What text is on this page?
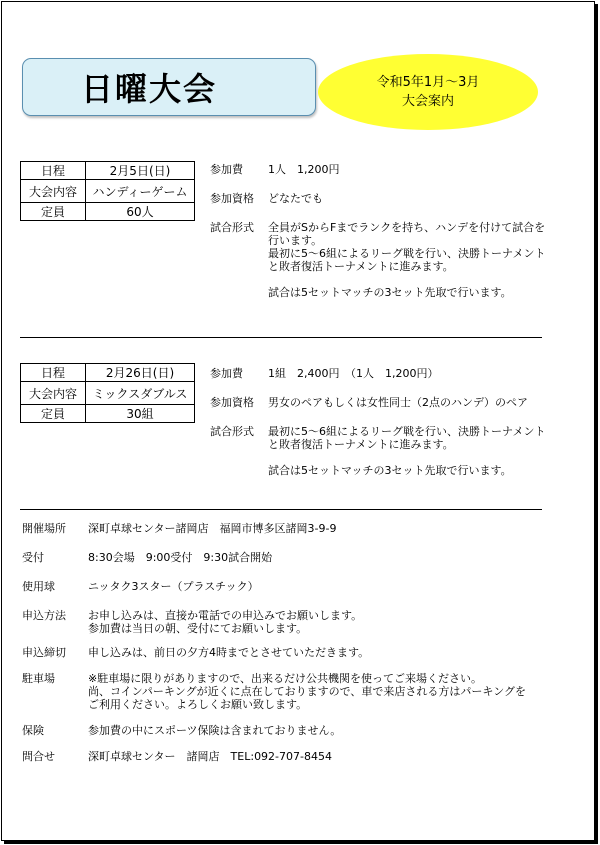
日曜大会	令和5年1月～3月
大会案内
日程	2月5日(日)
大会内容	ハンディーゲーム
定員	60人
参加費	1人　1,200円
参加資格	どなたでも
試合形式	全員がSからFまでランクを持ち、ハンデを付けて試合を
行います。
最初に5～6組によるリーグ戦を行い、決勝トーナメント
と敗者復活トーナメントに進みます。

試合は5セットマッチの3セット先取で行います。
日程	2月26日(日)
大会内容	ミックスダブルス
定員	30組
参加費	1組　2,400円　（1人　1,200円）
参加資格	男女のペアもしくは女性同士（2点のハンデ）のペア
試合形式	最初に5～6組によるリーグ戦を行い、決勝トーナメント
と敗者復活トーナメントに進みます。

試合は5セットマッチの3セット先取で行います。
開催場所	深町卓球センター諸岡店　福岡市博多区諸岡3-9-9
受付	8:30会場　9:00受付　9:30試合開始
使用球	ニッタク3スター（プラスチック）
申込方法	お申し込みは、直接か電話での申込みでお願いします。
参加費は当日の朝、受付にてお願いします。
申込締切	申し込みは、前日の夕方4時までとさせていただきます。
駐車場	※駐車場に限りがありますので、出来るだけ公共機関を使ってご来場ください。
尚、コインパーキングが近くに点在しておりますので、車で来店される方はパーキングを
ご利用ください。よろしくお願い致します。
保険	参加費の中にスポーツ保険は含まれておりません。
問合せ	深町卓球センター　諸岡店　TEL:092-707-8454
